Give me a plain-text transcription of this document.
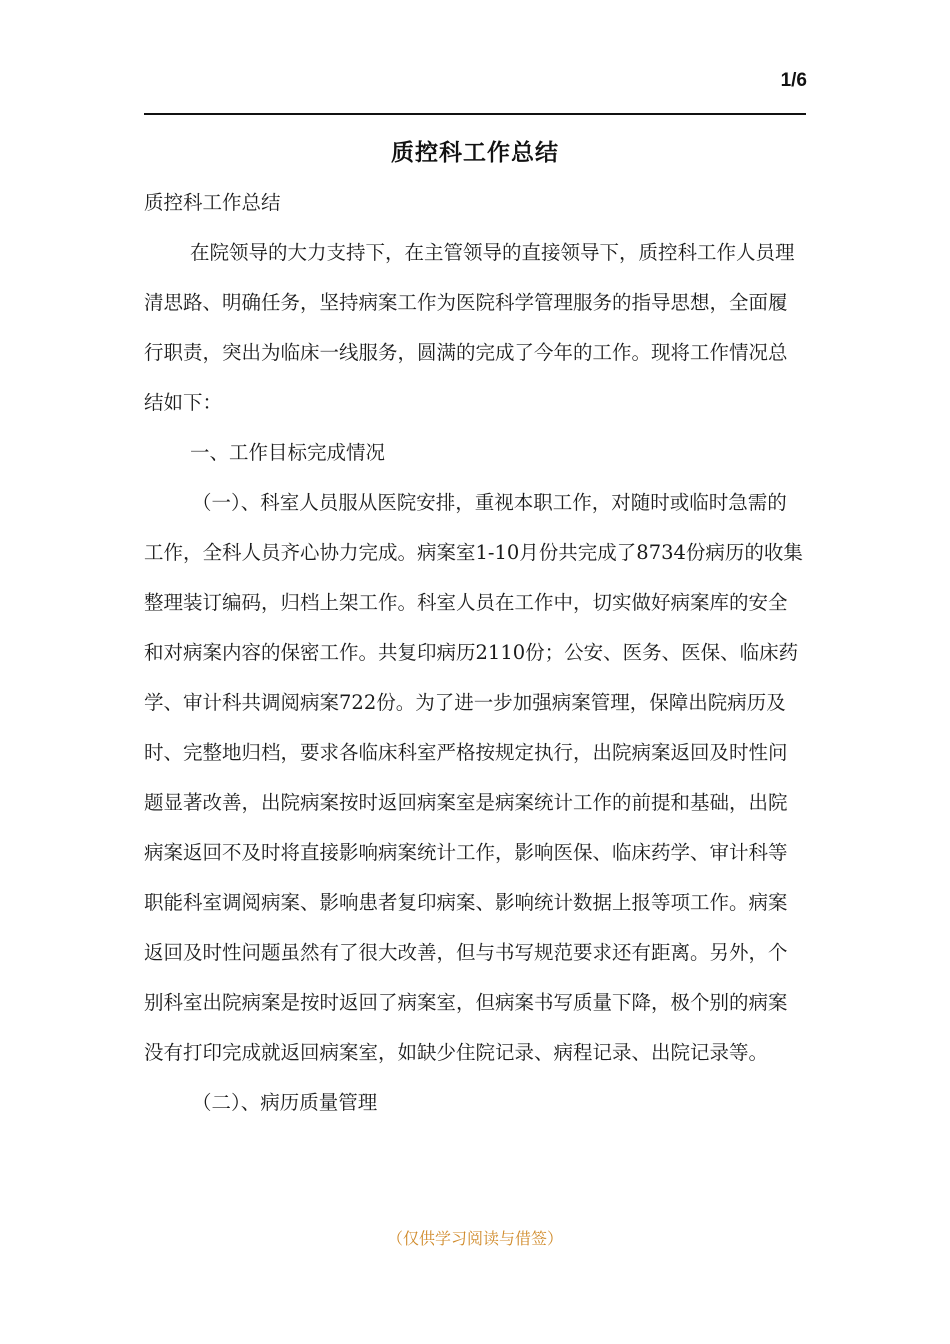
1/6
质控科工作总结

质控科工作总结

在院领导的大力支持下，在主管领导的直接领导下，质控科工作人员理清思路、明确任务，坚持病案工作为医院科学管理服务的指导思想，全面履行职责，突出为临床一线服务，圆满的完成了今年的工作。现将工作情况总结如下：

一、工作目标完成情况

（一）、科室人员服从医院安排，重视本职工作，对随时或临时急需的工作，全科人员齐心协力完成。病案室1-10月份共完成了8734份病历的收集整理装订编码，归档上架工作。科室人员在工作中，切实做好病案库的安全和对病案内容的保密工作。共复印病历2110份；公安、医务、医保、临床药学、审计科共调阅病案722份。为了进一步加强病案管理，保障出院病历及时、完整地归档，要求各临床科室严格按规定执行，出院病案返回及时性问题显著改善，出院病案按时返回病案室是病案统计工作的前提和基础，出院病案返回不及时将直接影响病案统计工作，影响医保、临床药学、审计科等职能科室调阅病案、影响患者复印病案、影响统计数据上报等项工作。病案返回及时性问题虽然有了很大改善，但与书写规范要求还有距离。另外，个别科室出院病案是按时返回了病案室，但病案书写质量下降，极个别的病案没有打印完成就返回病案室，如缺少住院记录、病程记录、出院记录等。

（二）、病历质量管理

（仅供学习阅读与借签）
